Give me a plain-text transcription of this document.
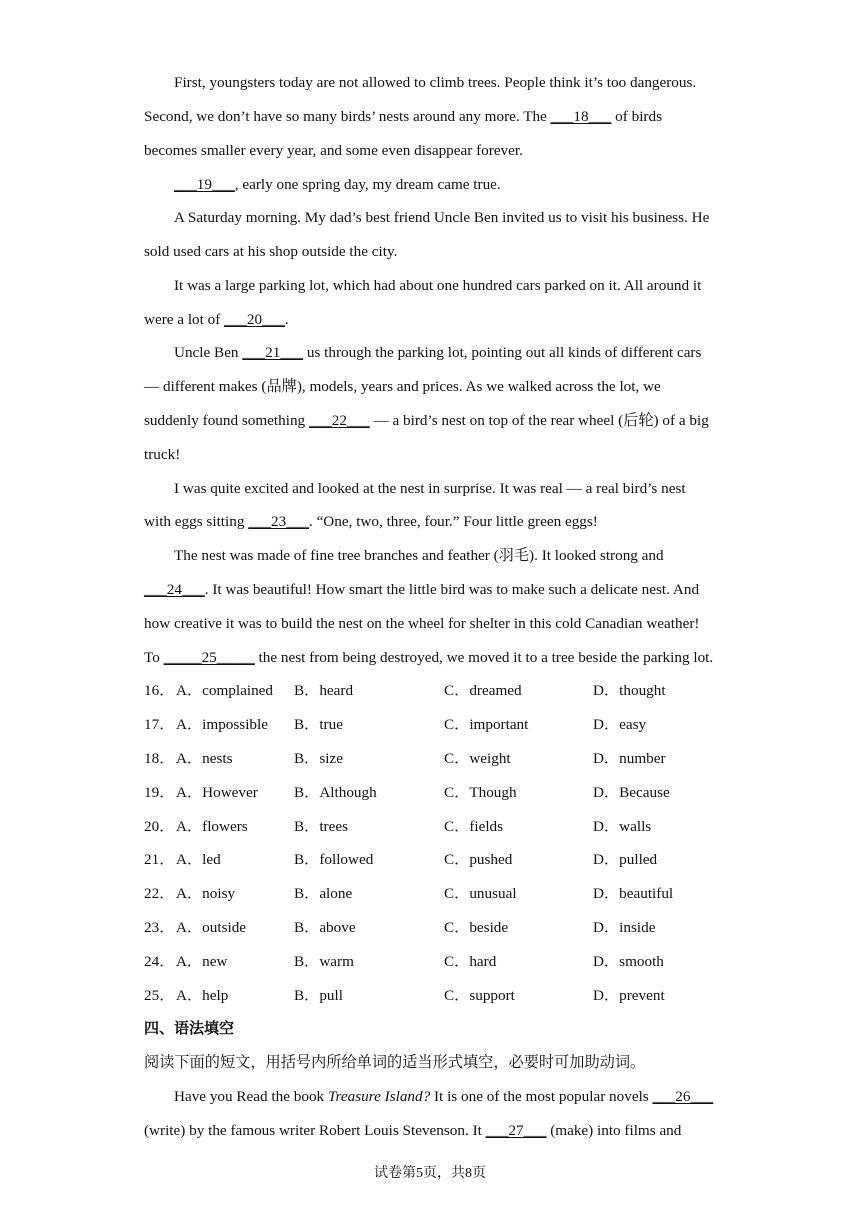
First, youngsters today are not allowed to climb trees. People think it’s too dangerous.
Second, we don’t have so many birds’ nests around any more. The ___18___ of birds
becomes smaller every year, and some even disappear forever.
___19___, early one spring day, my dream came true.
A Saturday morning. My dad’s best friend Uncle Ben invited us to visit his business. He
sold used cars at his shop outside the city.
It was a large parking lot, which had about one hundred cars parked on it. All around it
were a lot of ___20___.
Uncle Ben ___21___ us through the parking lot, pointing out all kinds of different cars
— different makes (品牌), models, years and prices. As we walked across the lot, we
suddenly found something ___22___ — a bird’s nest on top of the rear wheel (后轮) of a big
truck!
I was quite excited and looked at the nest in surprise. It was real — a real bird’s nest
with eggs sitting ___23___. “One, two, three, four.” Four little green eggs!
The nest was made of fine tree branches and feather (羽毛). It looked strong and
___24___. It was beautiful! How smart the little bird was to make such a delicate nest. And
how creative it was to build the nest on the wheel for shelter in this cold Canadian weather!
To _____25_____ the nest from being destroyed, we moved it to a tree beside the parking lot.
16． A．complained B．heard	C．dreamed	D．thought
17． A．impossible B．true	C．important	D．easy
18． A．nests	B．size	C．weight	D．number
19． A．However B．Although	C．Though	D．Because
20． A．flowers	B．trees	C．fields	D．walls
21． A．led	B．followed	C．pushed	D．pulled
22． A．noisy	B．alone	C．unusual	D．beautiful
23． A．outside	B．above	C．beside	D．inside
24． A．new	B．warm	C．hard	D．smooth
25． A．help	B．pull	C．support	D．prevent
四、语法填空
阅读下面的短文，用括号内所给单词的适当形式填空，必要时可加助动词。
Have you Read the book Treasure Island? It is one of the most popular novels ___26___
(write) by the famous writer Robert Louis Stevenson. It ___27___ (make) into films and
试卷第5页，共8页
